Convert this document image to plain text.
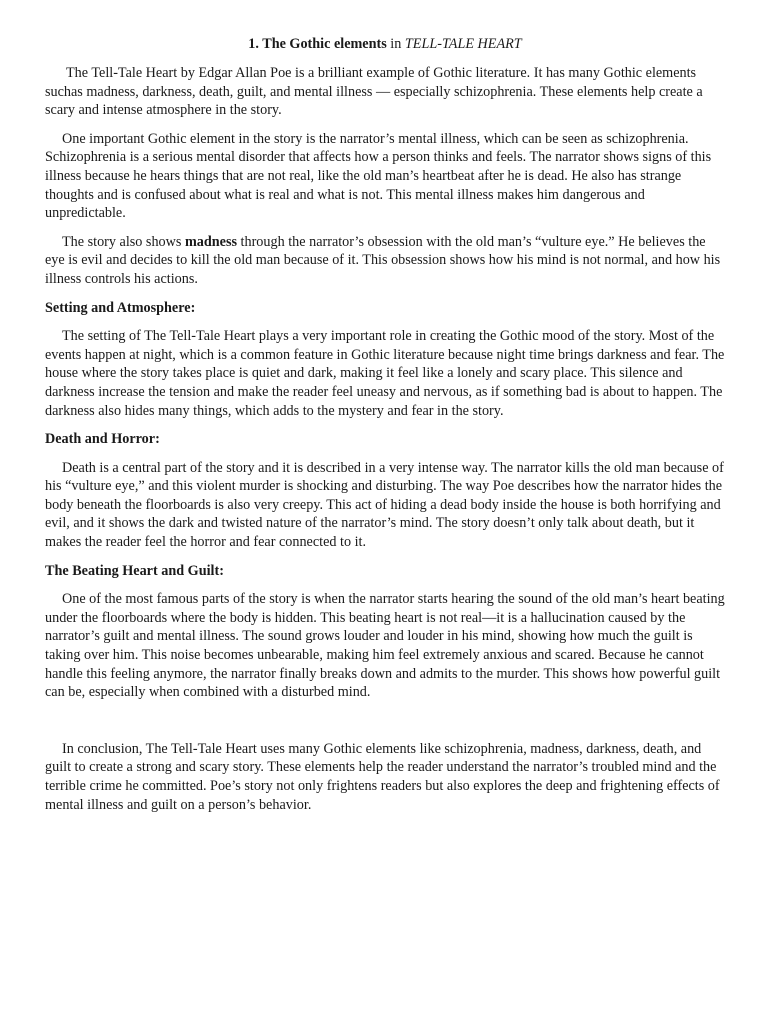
1. The Gothic elements in TELL-TALE HEART

The Tell-Tale Heart by Edgar Allan Poe is a brilliant example of Gothic literature. It has many Gothic elements suchas madness, darkness, death, guilt, and mental illness — especially schizophrenia. These elements help create a scary and intense atmosphere in the story.

One important Gothic element in the story is the narrator’s mental illness, which can be seen as schizophrenia. Schizophrenia is a serious mental disorder that affects how a person thinks and feels. The narrator shows signs of this illness because he hears things that are not real, like the old man’s heartbeat after he is dead. He also has strange thoughts and is confused about what is real and what is not. This mental illness makes him dangerous and unpredictable.

The story also shows madness through the narrator’s obsession with the old man’s “vulture eye.” He believes the eye is evil and decides to kill the old man because of it. This obsession shows how his mind is not normal, and how his illness controls his actions.

Setting and Atmosphere:

The setting of The Tell-Tale Heart plays a very important role in creating the Gothic mood of the story. Most of the events happen at night, which is a common feature in Gothic literature because night time brings darkness and fear. The house where the story takes place is quiet and dark, making it feel like a lonely and scary place. This silence and darkness increase the tension and make the reader feel uneasy and nervous, as if something bad is about to happen. The darkness also hides many things, which adds to the mystery and fear in the story.

Death and Horror:

Death is a central part of the story and it is described in a very intense way. The narrator kills the old man because of his “vulture eye,” and this violent murder is shocking and disturbing. The way Poe describes how the narrator hides the body beneath the floorboards is also very creepy. This act of hiding a dead body inside the house is both horrifying and evil, and it shows the dark and twisted nature of the narrator’s mind. The story doesn’t only talk about death, but it makes the reader feel the horror and fear connected to it.

The Beating Heart and Guilt:

One of the most famous parts of the story is when the narrator starts hearing the sound of the old man’s heart beating under the floorboards where the body is hidden. This beating heart is not real—it is a hallucination caused by the narrator’s guilt and mental illness. The sound grows louder and louder in his mind, showing how much the guilt is taking over him. This noise becomes unbearable, making him feel extremely anxious and scared. Because he cannot handle this feeling anymore, the narrator finally breaks down and admits to the murder. This shows how powerful guilt can be, especially when combined with a disturbed mind.

In conclusion, The Tell-Tale Heart uses many Gothic elements like schizophrenia, madness, darkness, death, and guilt to create a strong and scary story. These elements help the reader understand the narrator’s troubled mind and the terrible crime he committed. Poe’s story not only frightens readers but also explores the deep and frightening effects of mental illness and guilt on a person’s behavior.
